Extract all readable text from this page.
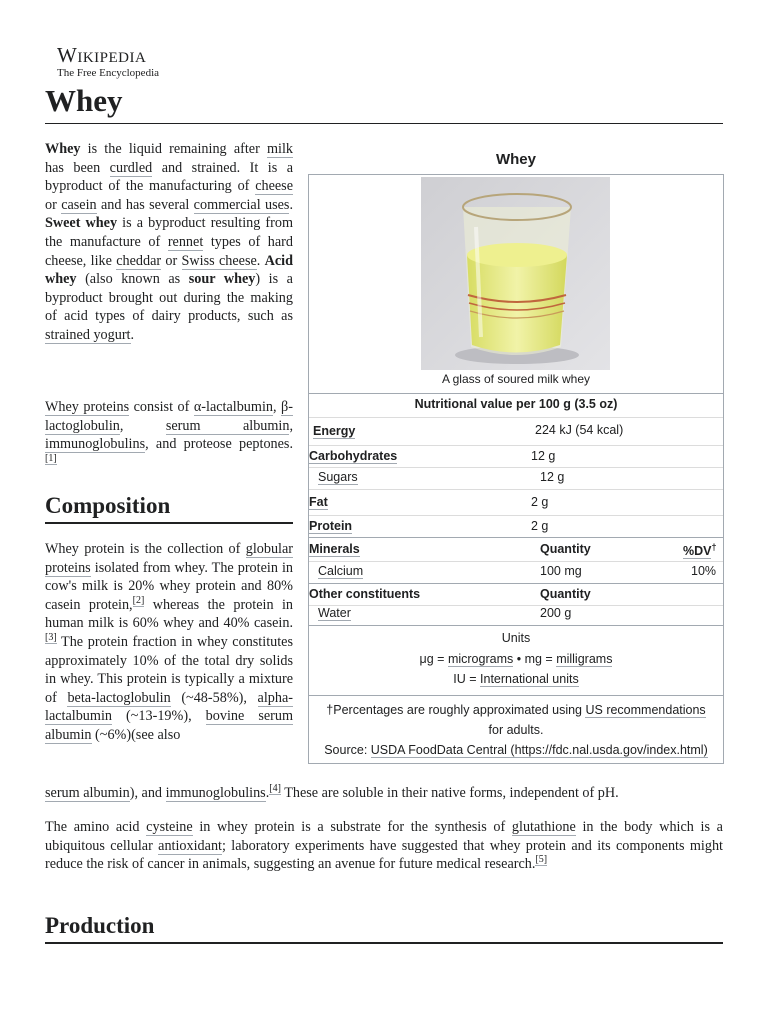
Wikipedia
The Free Encyclopedia
Whey

Whey is the liquid remaining after milk has been curdled and strained. It is a byproduct of the manufacturing of cheese or casein and has several commercial uses. Sweet whey is a byproduct resulting from the manufacture of rennet types of hard cheese, like cheddar or Swiss cheese. Acid whey (also known as sour whey) is a byproduct brought out during the making of acid types of dairy products, such as strained yogurt.

Whey proteins consist of α-lactalbumin, β-lactoglobulin, serum albumin, immunoglobulins, and proteose peptones.[1]

Composition

Whey protein is the collection of globular proteins isolated from whey. The protein in cow's milk is 20% whey protein and 80% casein protein,[2] whereas the protein in human milk is 60% whey and 40% casein.[3] The protein fraction in whey constitutes approximately 10% of the total dry solids in whey. This protein is typically a mixture of beta-lactoglobulin (~48-58%), alpha-lactalbumin (~13-19%), bovine serum albumin (~6%)(see also

serum albumin), and immunoglobulins.[4] These are soluble in their native forms, independent of pH.

The amino acid cysteine in whey protein is a substrate for the synthesis of glutathione in the body which is a ubiquitous cellular antioxidant; laboratory experiments have suggested that whey protein and its components might reduce the risk of cancer in animals, suggesting an avenue for future medical research.[5]

Production
Whey
A glass of soured milk whey
Nutritional value per 100 g (3.5 oz)
Energy	224 kJ (54 kcal)
Carbohydrates	12 g
Sugars	12 g
Fat	2 g
Protein	2 g
Minerals	Quantity	%DV†
Calcium	100 mg	10%
Other constituents	Quantity
Water	200 g
Units
μg = micrograms • mg = milligrams
IU = International units
†Percentages are roughly approximated using US recommendations
for adults.
Source: USDA FoodData Central (https://fdc.nal.usda.gov/index.html)
